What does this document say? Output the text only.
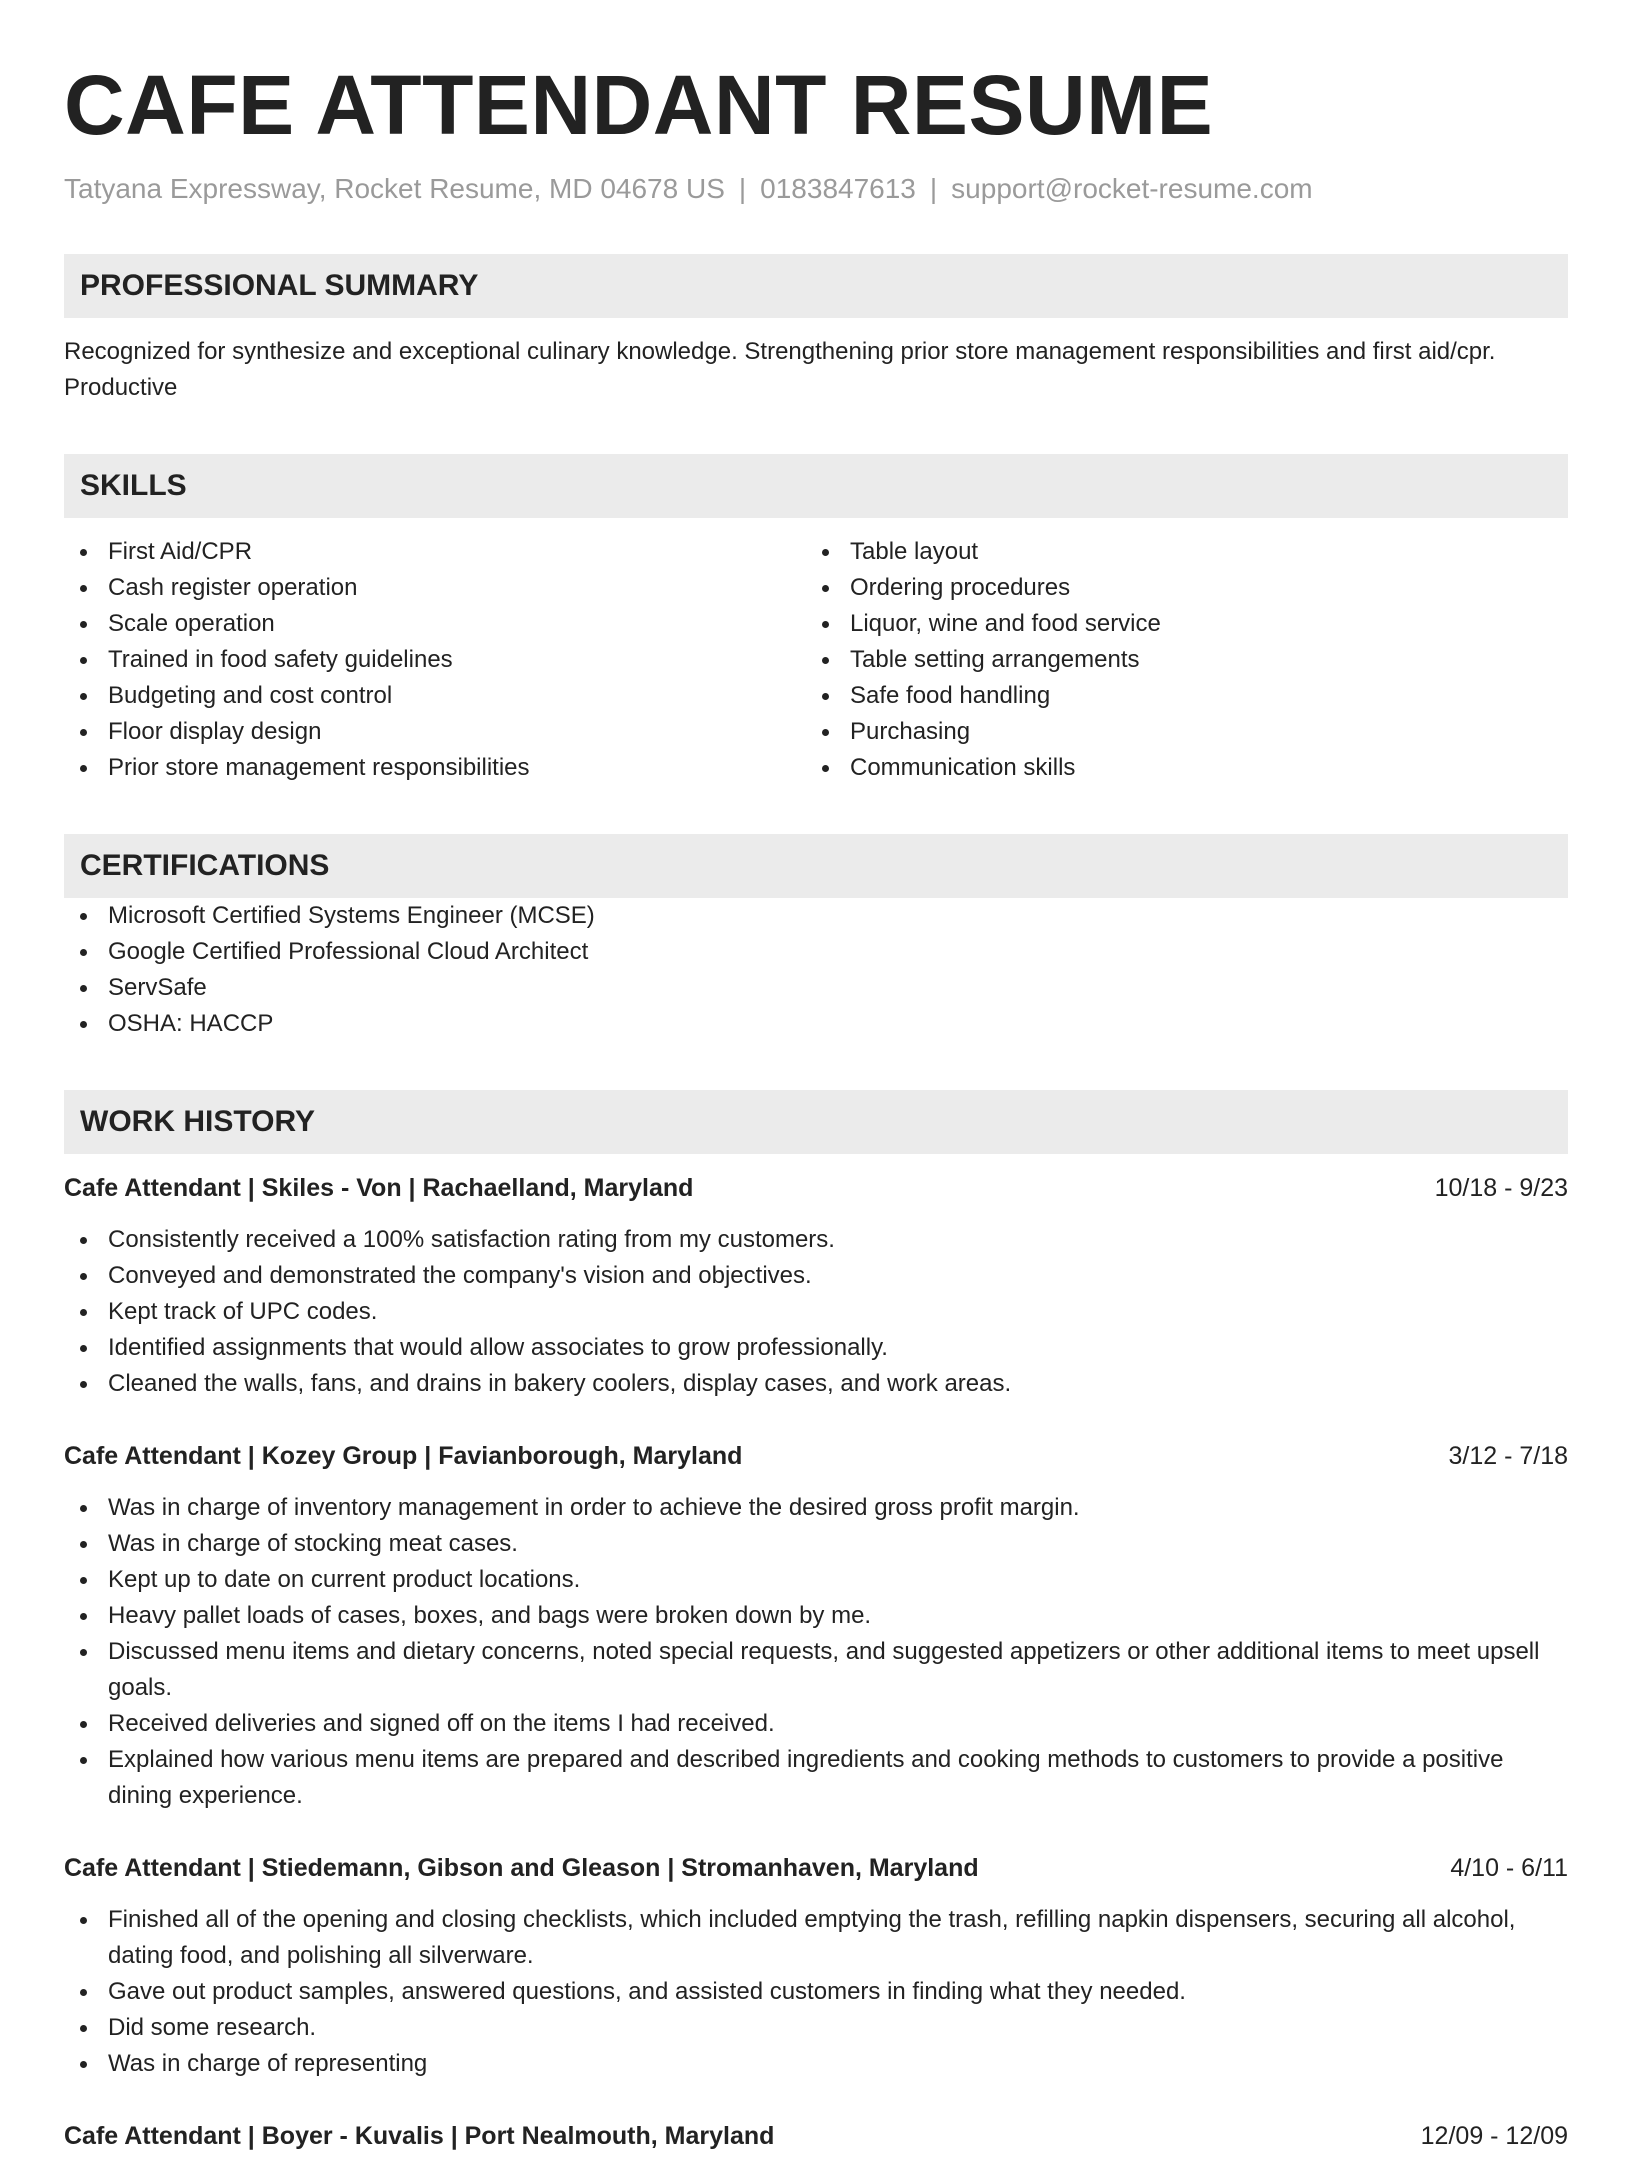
CAFE ATTENDANT RESUME
Tatyana Expressway, Rocket Resume, MD 04678 US | 0183847613 | support@rocket-resume.com
PROFESSIONAL SUMMARY
Recognized for synthesize and exceptional culinary knowledge. Strengthening prior store management responsibilities and first aid/cpr. Productive
SKILLS
First Aid/CPR
Cash register operation
Scale operation
Trained in food safety guidelines
Budgeting and cost control
Floor display design
Prior store management responsibilities
Table layout
Ordering procedures
Liquor, wine and food service
Table setting arrangements
Safe food handling
Purchasing
Communication skills
CERTIFICATIONS
Microsoft Certified Systems Engineer (MCSE)
Google Certified Professional Cloud Architect
ServSafe
OSHA: HACCP
WORK HISTORY
Cafe Attendant | Skiles - Von | Rachaelland, Maryland	10/18 - 9/23
Consistently received a 100% satisfaction rating from my customers.
Conveyed and demonstrated the company's vision and objectives.
Kept track of UPC codes.
Identified assignments that would allow associates to grow professionally.
Cleaned the walls, fans, and drains in bakery coolers, display cases, and work areas.
Cafe Attendant | Kozey Group | Favianborough, Maryland	3/12 - 7/18
Was in charge of inventory management in order to achieve the desired gross profit margin.
Was in charge of stocking meat cases.
Kept up to date on current product locations.
Heavy pallet loads of cases, boxes, and bags were broken down by me.
Discussed menu items and dietary concerns, noted special requests, and suggested appetizers or other additional items to meet upsell goals.
Received deliveries and signed off on the items I had received.
Explained how various menu items are prepared and described ingredients and cooking methods to customers to provide a positive dining experience.
Cafe Attendant | Stiedemann, Gibson and Gleason | Stromanhaven, Maryland	4/10 - 6/11
Finished all of the opening and closing checklists, which included emptying the trash, refilling napkin dispensers, securing all alcohol, dating food, and polishing all silverware.
Gave out product samples, answered questions, and assisted customers in finding what they needed.
Did some research.
Was in charge of representing
Cafe Attendant | Boyer - Kuvalis | Port Nealmouth, Maryland	12/09 - 12/09
